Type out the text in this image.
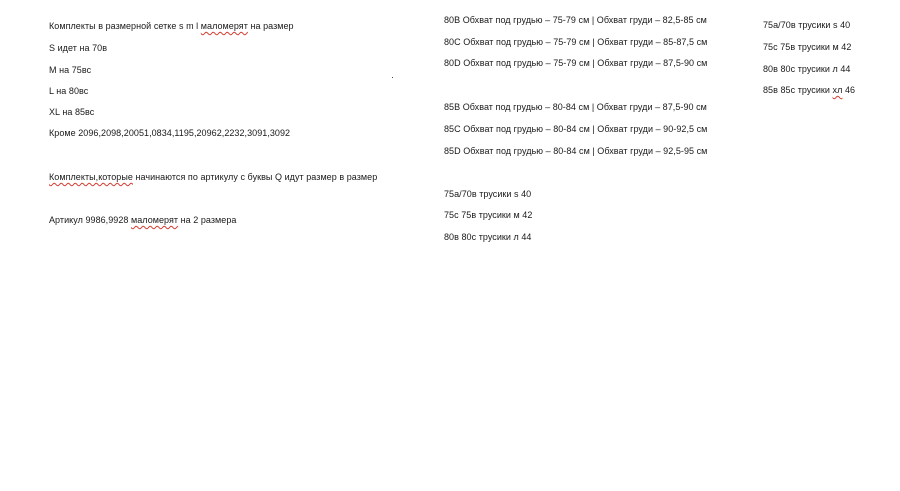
Комплекты в размерной сетке s m l маломерят на размер
S идет на 70в
M на 75вс
L на 80вс
XL на 85вс
Кроме 2096,2098,20051,0834,1195,20962,2232,3091,3092
Комплекты,которые начинаются по артикулу с буквы Q идут размер в размер
Артикул 9986,9928 маломерят на 2 размера
80B Обхват под грудью – 75-79 см | Обхват груди – 82,5-85 см
80C Обхват под грудью – 75-79 см | Обхват груди – 85-87,5 см
80D Обхват под грудью – 75-79 см | Обхват груди – 87,5-90 см
85B Обхват под грудью – 80-84 см | Обхват груди – 87,5-90 см
85C Обхват под грудью – 80-84 см | Обхват груди – 90-92,5 см
85D Обхват под грудью – 80-84 см | Обхват груди – 92,5-95 см
75а/70в трусики s 40
75с 75в трусики м 42
80в 80с трусики л 44
75а/70в трусики s 40
75с 75в трусики м 42
80в 80с трусики л 44
85в 85с трусики хл 46
